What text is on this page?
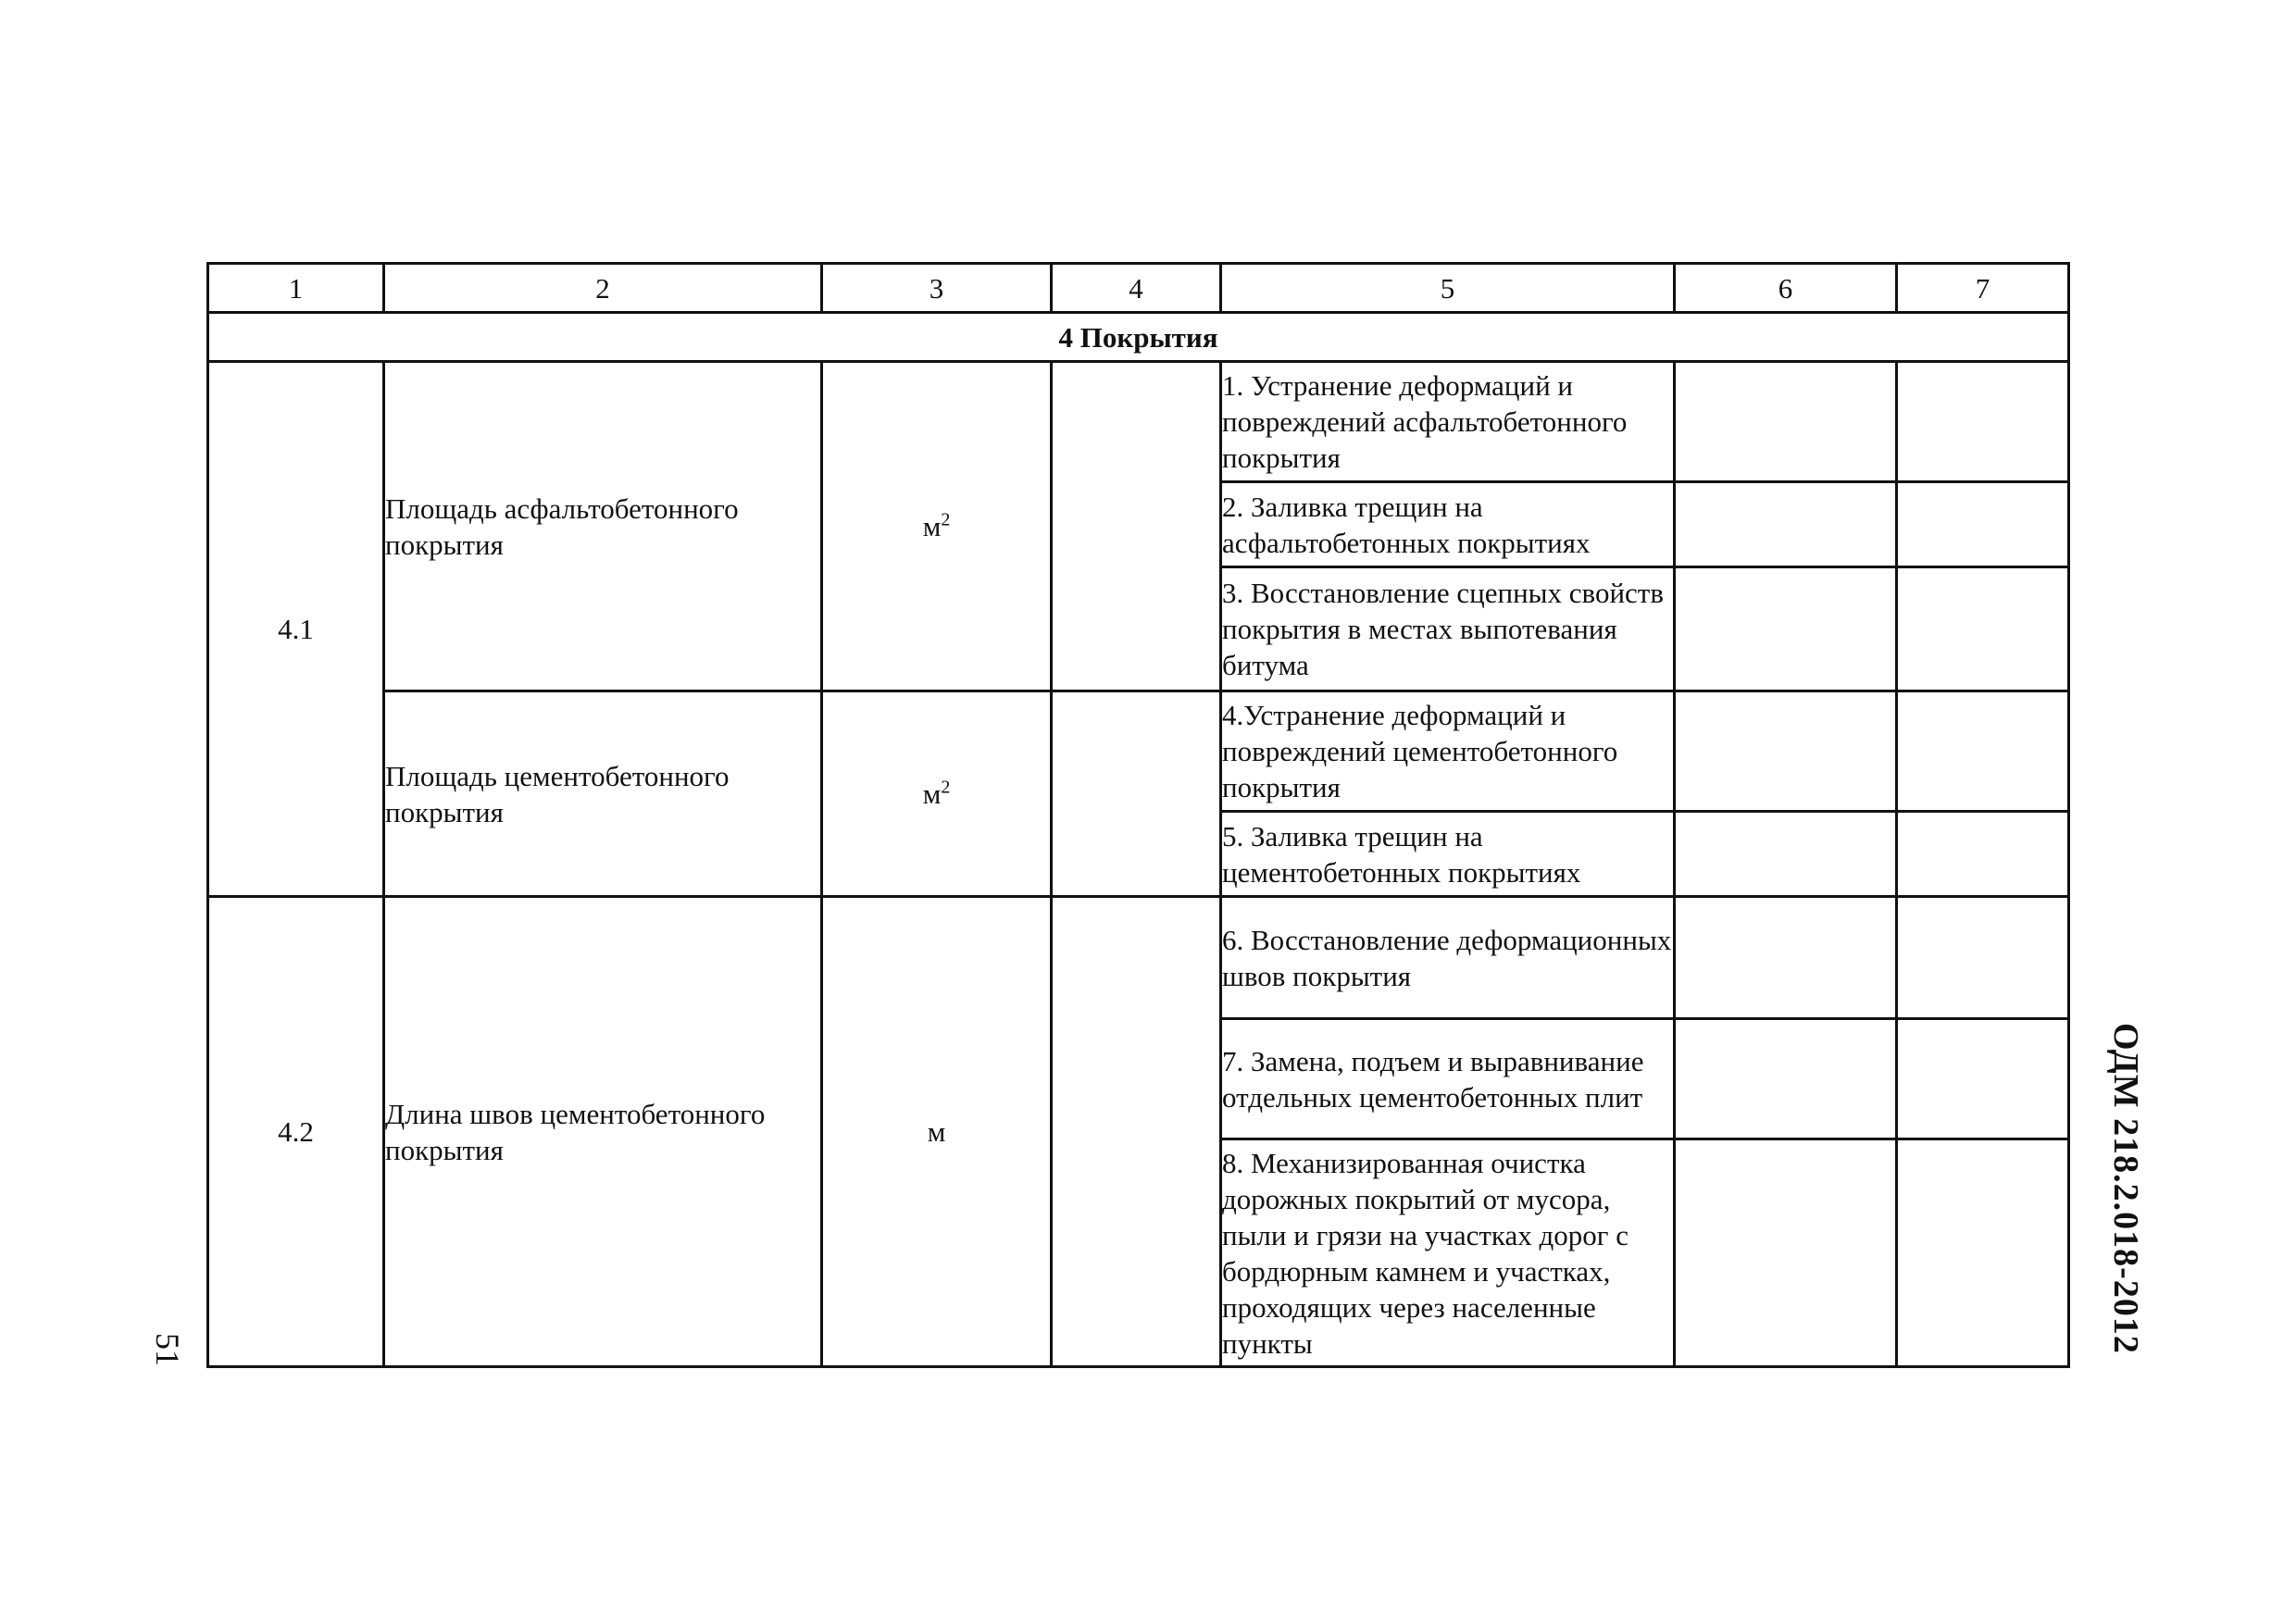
1	2	3	4	5	6	7
4 Покрытия						
4.1	Площадь асфальтобетонного покрытия	$м^2$		1. Устранение деформаций и повреждений асфальтобетонного покрытия		
				2. Заливка трещин на асфальтобетонных покрытиях		
				3. Восстановление сцепных свойств покрытия в местах выпотевания битума		
	Площадь цементобетонного покрытия	$м^2$		4.Устранение деформаций и повреждений цементобетонного покрытия		
				5. Заливка трещин на цементобетонных покрытиях		
4.2	Длина швов цементобетонного покрытия	м		6. Восстановление деформационных швов покрытия		
				7. Замена, подъем и выравнивание отдельных цементобетонных плит		
				8. Механизированная очистка дорожных покрытий от мусора, пыли и грязи на участках дорог с бордюрным камнем и участках, проходящих через населенные пункты			ОДМ 218.2.018-2012
51
